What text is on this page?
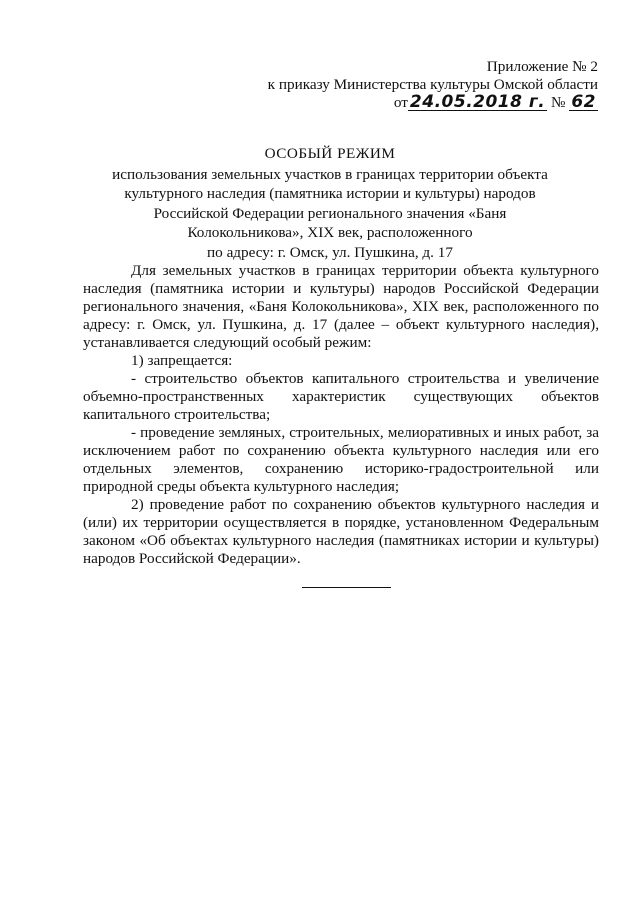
Приложение № 2
к приказу Министерства культуры Омской области
от 24.05.2018 г. № 62
ОСОБЫЙ РЕЖИМ
использования земельных участков в границах территории объекта
культурного наследия (памятника истории и культуры) народов
Российской Федерации регионального значения «Баня
Колокольникова», XIX век, расположенного
по адресу: г. Омск, ул. Пушкина, д. 17

Для земельных участков в границах территории объекта культурного наследия (памятника истории и культуры) народов Российской Федерации регионального значения, «Баня Колокольникова», XIX век, расположенного по адресу: г. Омск, ул. Пушкина, д. 17 (далее – объект культурного наследия), устанавливается следующий особый режим:

1) запрещается:

- строительство объектов капитального строительства и увеличение объемно-пространственных характеристик существующих объектов капитального строительства;

- проведение земляных, строительных, мелиоративных и иных работ, за исключением работ по сохранению объекта культурного наследия или его отдельных элементов, сохранению историко-градостроительной или природной среды объекта культурного наследия;

2) проведение работ по сохранению объектов культурного наследия и (или) их территории осуществляется в порядке, установленном Федеральным законом «Об объектах культурного наследия (памятниках истории и культуры) народов Российской Федерации».
